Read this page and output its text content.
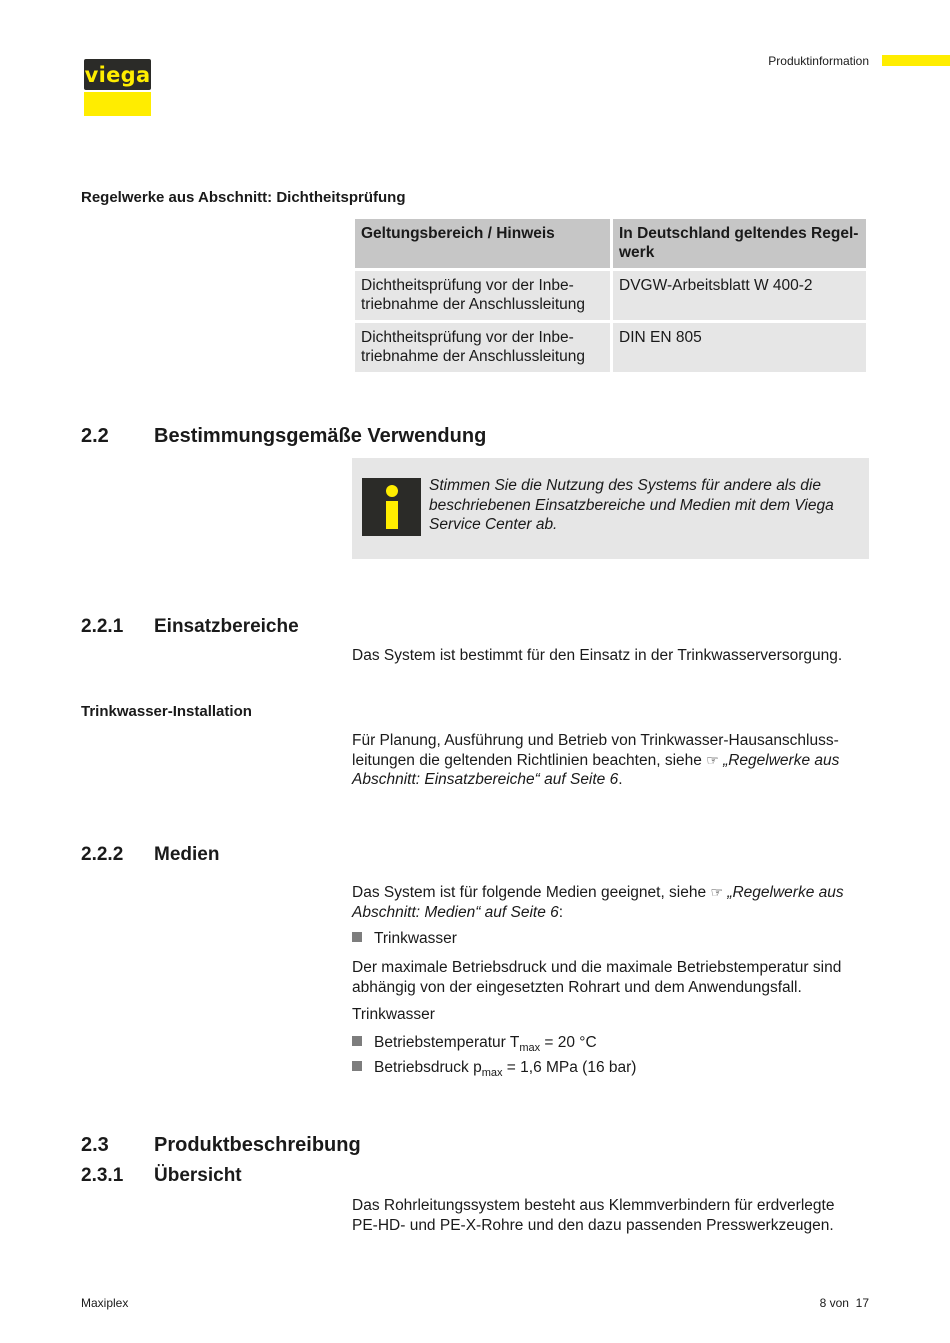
viega
Produktinformation
Regelwerke aus Abschnitt: Dichtheitsprüfung
Geltungsbereich / Hinweis	In Deutschland geltendes Regel-werk
Dichtheitsprüfung vor der Inbe-triebnahme der Anschlussleitung	DVGW-Arbeitsblatt W 400-2
Dichtheitsprüfung vor der Inbe-triebnahme der Anschlussleitung	DIN EN 805
2.2 Bestimmungsgemäße Verwendung
Stimmen Sie die Nutzung des Systems für andere als die beschriebenen Einsatzbereiche und Medien mit dem Viega Service Center ab.
2.2.1 Einsatzbereiche

Das System ist bestimmt für den Einsatz in der Trinkwasserversorgung.

Trinkwasser-Installation

Für Planung, Ausführung und Betrieb von Trinkwasser-Hausanschluss-leitungen die geltenden Richtlinien beachten, siehe ☞ „Regelwerke aus Abschnitt: Einsatzbereiche“ auf Seite 6.

2.2.2 Medien

Das System ist für folgende Medien geeignet, siehe ☞ „Regelwerke aus Abschnitt: Medien“ auf Seite 6:

Trinkwasser

Der maximale Betriebsdruck und die maximale Betriebstemperatur sind abhängig von der eingesetzten Rohrart und dem Anwendungsfall.

Trinkwasser

Betriebstemperatur $T_{max} = 20$ °C
Betriebsdruck $p_{max} = 1,6$ MPa (16 bar)
2.3 Produktbeschreibung
2.3.1 Übersicht

Das Rohrleitungssystem besteht aus Klemmverbindern für erdverlegte PE-HD- und PE-X-Rohre und den dazu passenden Presswerkzeugen.

Maxiplex	8 von  17
